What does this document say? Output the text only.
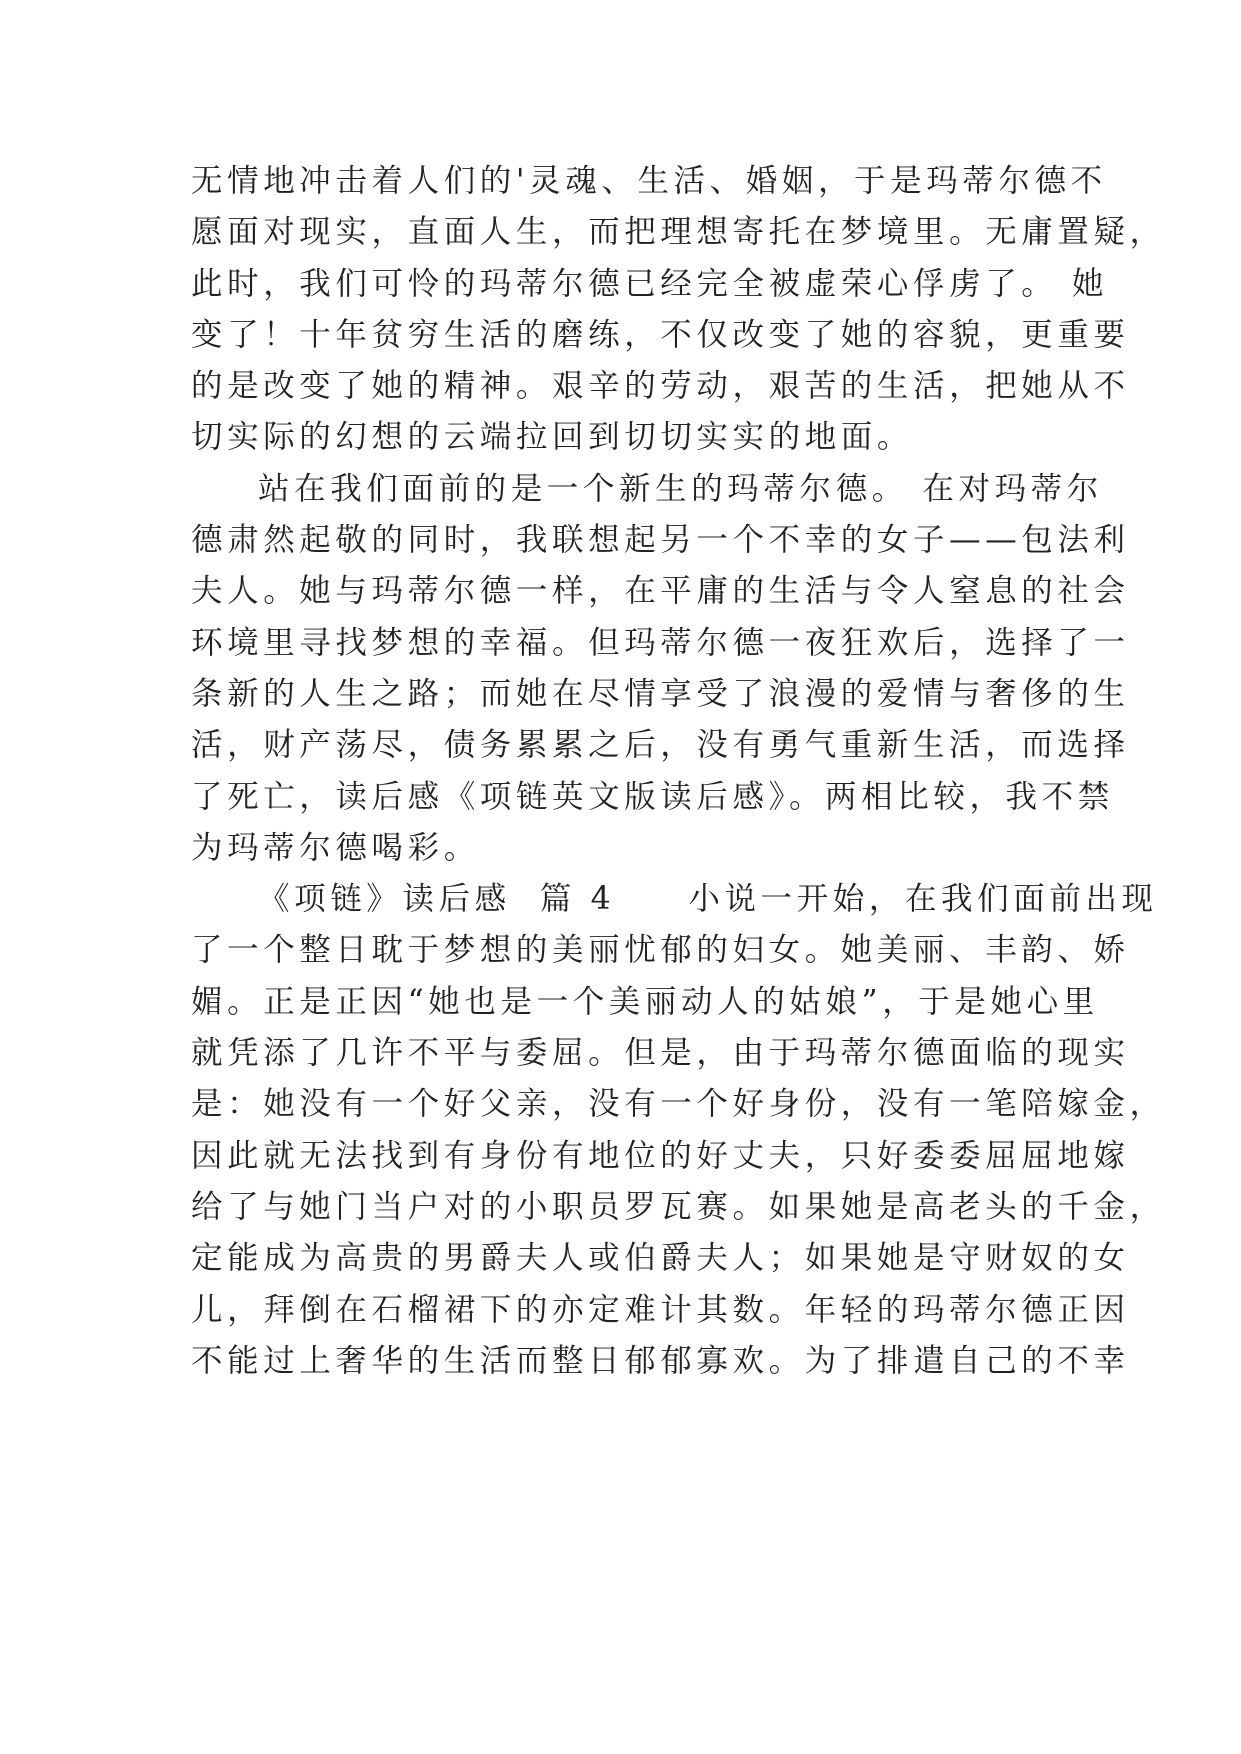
无情地冲击着人们的'灵魂、生活、婚姻，于是玛蒂尔德不
愿面对现实，直面人生，而把理想寄托在梦境里。无庸置疑，
此时，我们可怜的玛蒂尔德已经完全被虚荣心俘虏了。 她
变了！十年贫穷生活的磨练，不仅改变了她的容貌，更重要
的是改变了她的精神。艰辛的劳动，艰苦的生活，把她从不
切实际的幻想的云端拉回到切切实实的地面。
站在我们面前的是一个新生的玛蒂尔德。 在对玛蒂尔
德肃然起敬的同时，我联想起另一个不幸的女子——包法利
夫人。她与玛蒂尔德一样，在平庸的生活与令人窒息的社会
环境里寻找梦想的幸福。但玛蒂尔德一夜狂欢后，选择了一
条新的人生之路；而她在尽情享受了浪漫的爱情与奢侈的生
活，财产荡尽，债务累累之后，没有勇气重新生活，而选择
了死亡，读后感《项链英文版读后感》。两相比较，我不禁
为玛蒂尔德喝彩。
《项链》读后感  篇 4     小说一开始，在我们面前出现
了一个整日耽于梦想的美丽忧郁的妇女。她美丽、丰韵、娇
媚。正是正因“她也是一个美丽动人的姑娘”，于是她心里
就凭添了几许不平与委屈。但是，由于玛蒂尔德面临的现实
是：她没有一个好父亲，没有一个好身份，没有一笔陪嫁金，
因此就无法找到有身份有地位的好丈夫，只好委委屈屈地嫁
给了与她门当户对的小职员罗瓦赛。如果她是高老头的千金，
定能成为高贵的男爵夫人或伯爵夫人；如果她是守财奴的女
儿，拜倒在石榴裙下的亦定难计其数。年轻的玛蒂尔德正因
不能过上奢华的生活而整日郁郁寡欢。为了排遣自己的不幸
